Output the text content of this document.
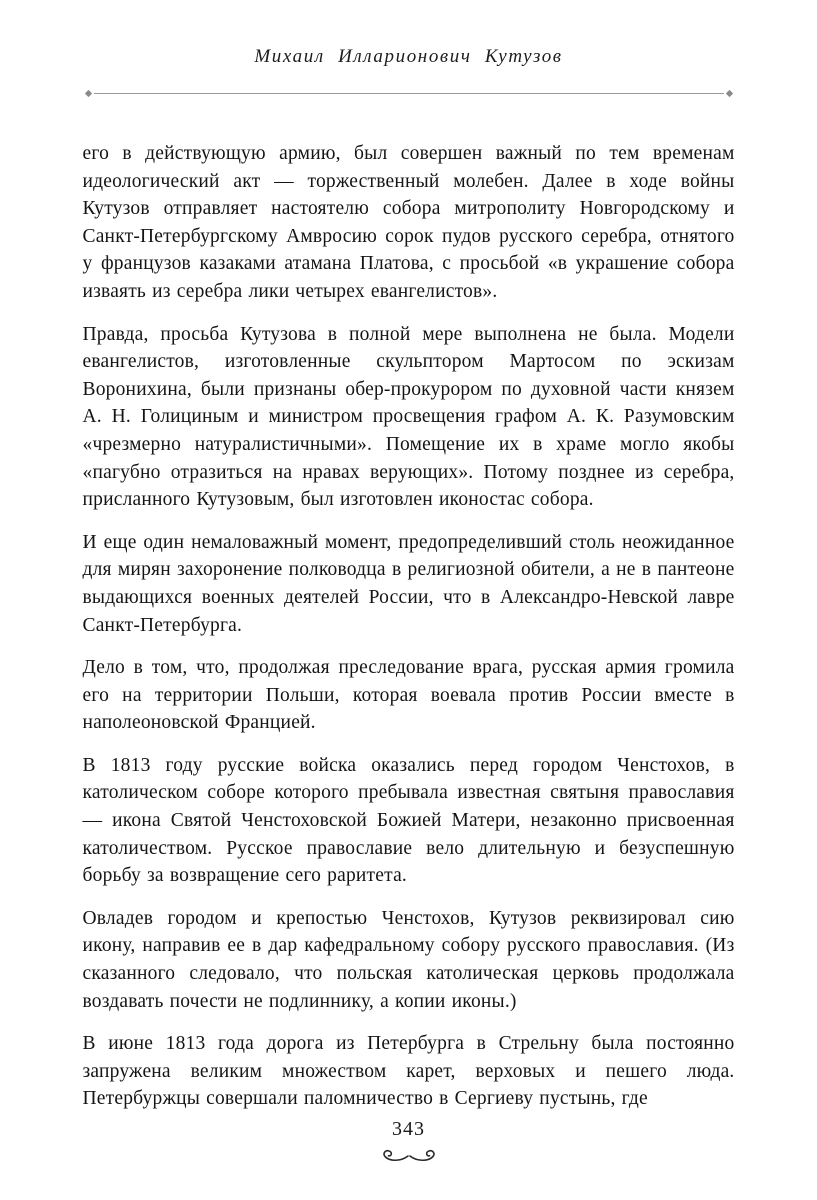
Михаил Илларионович Кутузов

его в действующую армию, был совершен важный по тем временам идеологический акт — торжественный молебен. Далее в ходе войны Кутузов отправляет настоятелю собора митрополиту Новгородскому и Санкт-Петербургскому Амвросию сорок пудов русского серебра, отнятого у французов казаками атамана Платова, с просьбой «в украшение собора изваять из серебра лики четырех евангелистов».

Правда, просьба Кутузова в полной мере выполнена не была. Модели евангелистов, изготовленные скульптором Мартосом по эскизам Воронихина, были признаны обер-прокурором по духовной части князем А. Н. Голициным и министром просвещения графом А. К. Разумовским «чрезмерно натуралистичными». Помещение их в храме могло якобы «пагубно отразиться на нравах верующих». Потому позднее из серебра, присланного Кутузовым, был изготовлен иконостас собора.

И еще один немаловажный момент, предопределивший столь неожиданное для мирян захоронение полководца в религиозной обители, а не в пантеоне выдающихся военных деятелей России, что в Александро-Невской лавре Санкт-Петербурга.

Дело в том, что, продолжая преследование врага, русская армия громила его на территории Польши, которая воевала против России вместе в наполеоновской Францией.

В 1813 году русские войска оказались перед городом Ченстохов, в католическом соборе которого пребывала известная святыня православия — икона Святой Ченстоховской Божией Матери, незаконно присвоенная католичеством. Русское православие вело длительную и безуспешную борьбу за возвращение сего раритета.

Овладев городом и крепостью Ченстохов, Кутузов реквизировал сию икону, направив ее в дар кафедральному собору русского православия. (Из сказанного следовало, что польская католическая церковь продолжала воздавать почести не подлиннику, а копии иконы.)

В июне 1813 года дорога из Петербурга в Стрельну была постоянно запружена великим множеством карет, верховых и пешего люда. Петербуржцы совершали паломничество в Сергиеву пустынь, где

343
